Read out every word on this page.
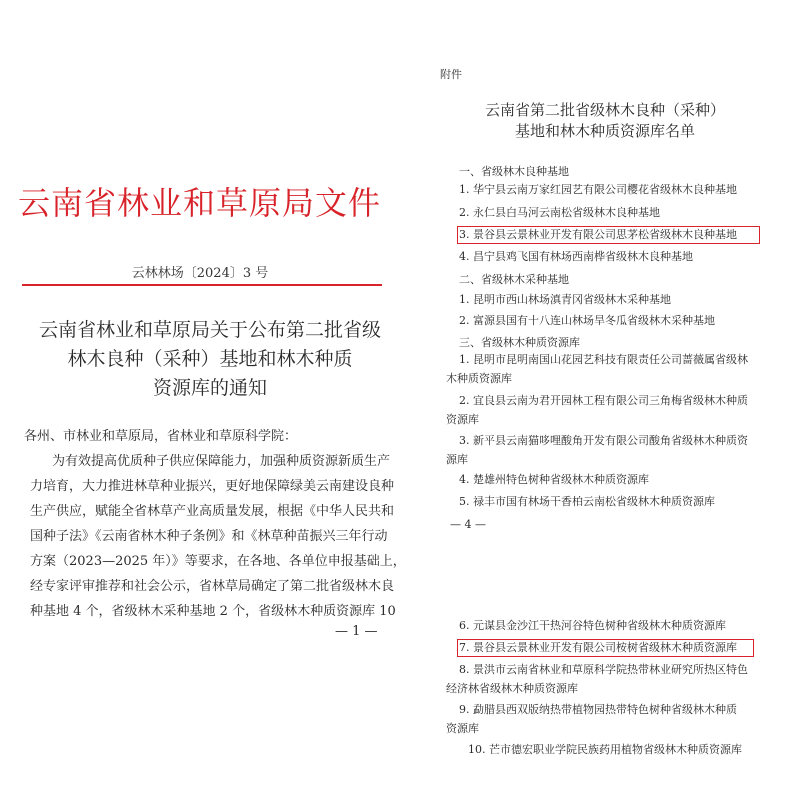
云南省林业和草原局文件
云林林场〔2024〕3 号
云南省林业和草原局关于公布第二批省级
林木良种（采种）基地和林木种质
资源库的通知
各州、市林业和草原局，省林业和草原科学院：
为有效提高优质种子供应保障能力，加强种质资源新质生产
力培育，大力推进林草种业振兴，更好地保障绿美云南建设良种
生产供应，赋能全省林草产业高质量发展，根据《中华人民共和
国种子法》《云南省林木种子条例》和《林草种苗振兴三年行动
方案（2023—2025 年）》等要求，在各地、各单位申报基础上，
经专家评审推荐和社会公示，省林草局确定了第二批省级林木良
种基地 4 个，省级林木采种基地 2 个，省级林木种质资源库 10
— 1 —
附件
云南省第二批省级林木良种（采种）
基地和林木种质资源库名单
一、省级林木良种基地
1. 华宁县云南万家红园艺有限公司樱花省级林木良种基地
2. 永仁县白马河云南松省级林木良种基地
3. 景谷县云景林业开发有限公司思茅松省级林木良种基地
4. 昌宁县鸡飞国有林场西南桦省级林木良种基地
二、省级林木采种基地
1. 昆明市西山林场滇青冈省级林木采种基地
2. 富源县国有十八连山林场旱冬瓜省级林木采种基地
三、省级林木种质资源库
1. 昆明市昆明南国山花园艺科技有限责任公司蔷薇属省级林
木种质资源库
2. 宜良县云南为君开园林工程有限公司三角梅省级林木种质
资源库
3. 新平县云南猫哆哩酸角开发有限公司酸角省级林木种质资
源库
4. 楚雄州特色树种省级林木种质资源库
5. 禄丰市国有林场干香柏云南松省级林木种质资源库
— 4 —
6. 元谋县金沙江干热河谷特色树种省级林木种质资源库
7. 景谷县云景林业开发有限公司桉树省级林木种质资源库
8. 景洪市云南省林业和草原科学院热带林业研究所热区特色
经济林省级林木种质资源库
9. 勐腊县西双版纳热带植物园热带特色树种省级林木种质
资源库
10. 芒市德宏职业学院民族药用植物省级林木种质资源库
